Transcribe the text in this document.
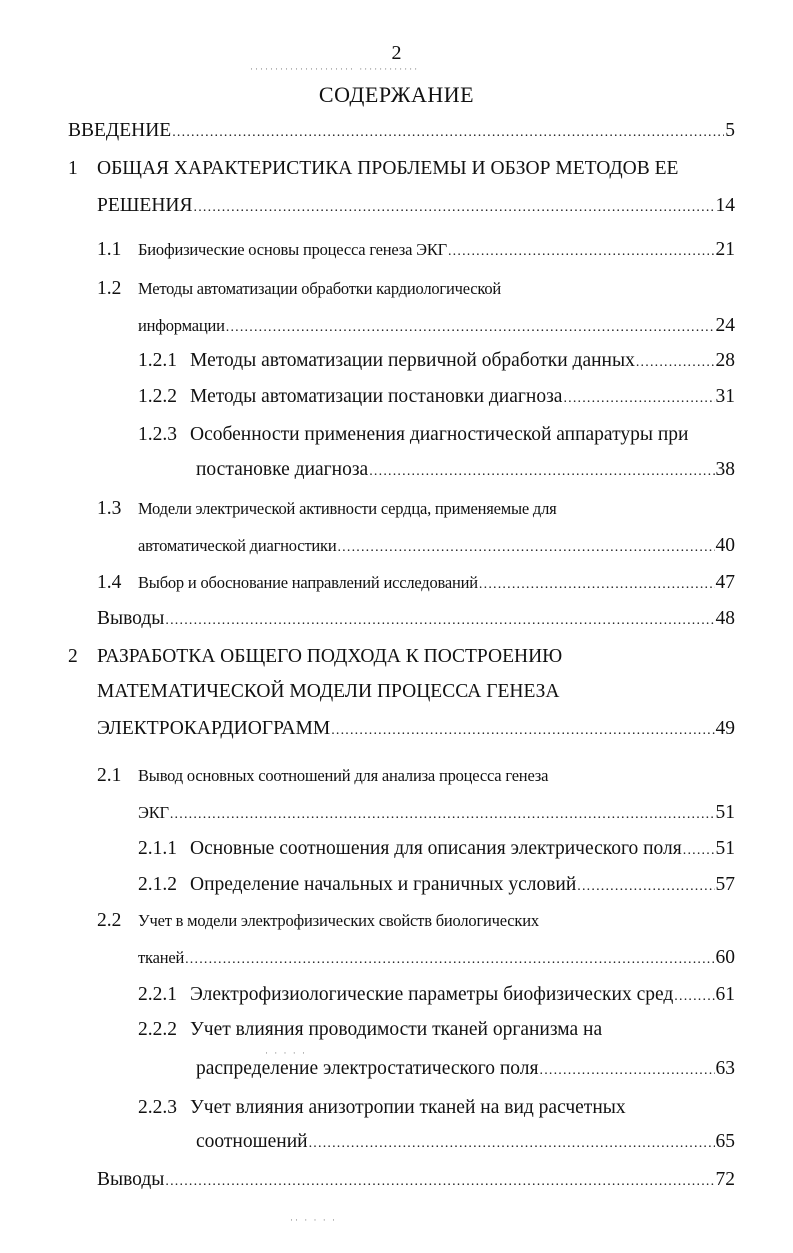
2
····················· ············
СОДЕРЖАНИЕ
ВВЕДЕНИЕ .....	5
1 ОБЩАЯ ХАРАКТЕРИСТИКА ПРОБЛЕМЫ И ОБЗОР МЕТОДОВ ЕЕ
РЕШЕНИЯ .....	14
1.1 Биофизические основы процесса генеза ЭКГ .....	21
1.2 Методы автоматизации обработки кардиологической
информации .....	24
1.2.1 Методы автоматизации первичной обработки данных .....	28
1.2.2 Методы автоматизации постановки диагноза .....	31
1.2.3 Особенности применения диагностической аппаратуры при
постановке диагноза .....	38
1.3 Модели электрической активности сердца, применяемые для
автоматической диагностики .....	40
1.4 Выбор и обоснование направлений исследований .....	47
Выводы .....	48
2 РАЗРАБОТКА ОБЩЕГО ПОДХОДА К ПОСТРОЕНИЮ
МАТЕМАТИЧЕСКОЙ МОДЕЛИ ПРОЦЕССА ГЕНЕЗА
ЭЛЕКТРОКАРДИОГРАММ .....	49
2.1 Вывод основных соотношений для анализа процесса генеза
ЭКГ .....	51
2.1.1 Основные соотношения для описания электрического поля ..... 51
2.1.2 Определение начальных и граничных условий .....	57
2.2 Учет в модели электрофизических свойств биологических
тканей .....	60
2.2.1 Электрофизиологические параметры биофизических сред ..... 61
2.2.2 Учет влияния проводимости тканей организма на
· · · · ·
распределение электростатического поля .....	63
2.2.3 Учет влияния анизотропии тканей на вид расчетных
соотношений .....	65
Выводы .....	72
·· · · · ·
